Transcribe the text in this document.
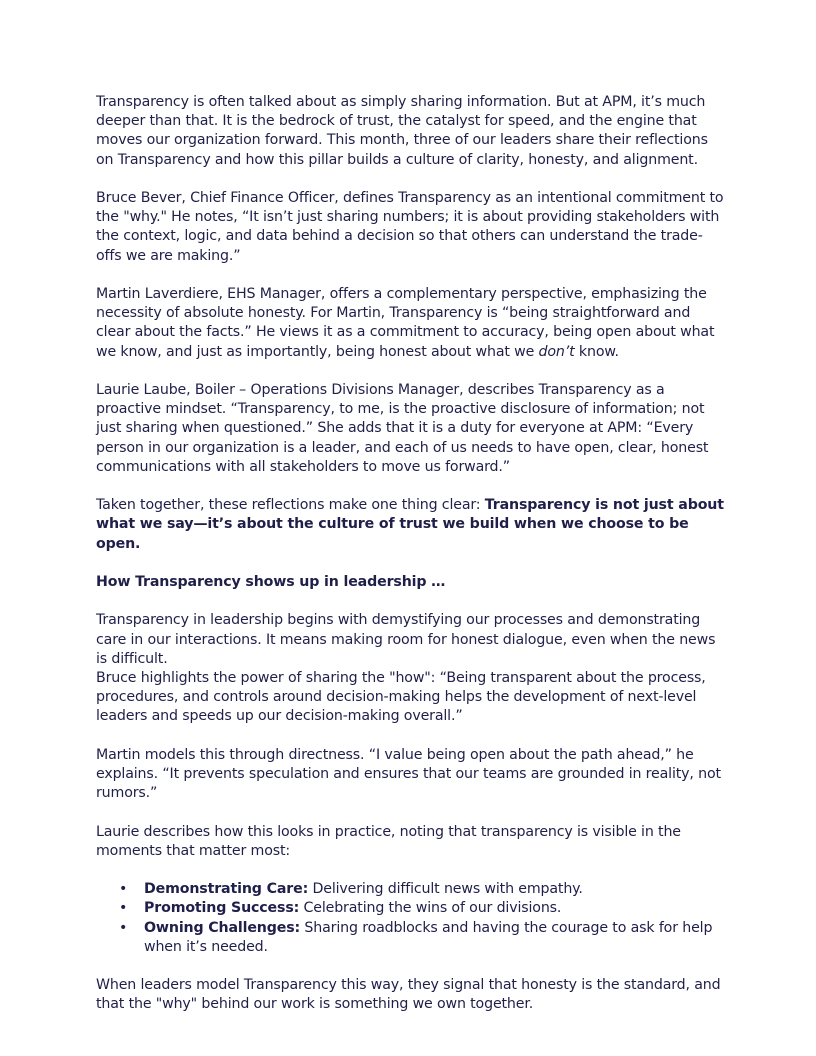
Transparency is often talked about as simply sharing information. But at APM, it’s much deeper than that. It is the bedrock of trust, the catalyst for speed, and the engine that moves our organization forward. This month, three of our leaders share their reflections on Transparency and how this pillar builds a culture of clarity, honesty, and alignment.

Bruce Bever, Chief Finance Officer, defines Transparency as an intentional commitment to the "why." He notes, “It isn’t just sharing numbers; it is about providing stakeholders with the context, logic, and data behind a decision so that others can understand the trade-offs we are making.”

Martin Laverdiere, EHS Manager, offers a complementary perspective, emphasizing the necessity of absolute honesty. For Martin, Transparency is “being straightforward and clear about the facts.” He views it as a commitment to accuracy, being open about what we know, and just as importantly, being honest about what we don’t know.

Laurie Laube, Boiler – Operations Divisions Manager, describes Transparency as a proactive mindset. “Transparency, to me, is the proactive disclosure of information; not just sharing when questioned.” She adds that it is a duty for everyone at APM: “Every person in our organization is a leader, and each of us needs to have open, clear, honest communications with all stakeholders to move us forward.”

Taken together, these reflections make one thing clear: Transparency is not just about what we say—it’s about the culture of trust we build when we choose to be open.

How Transparency shows up in leadership …

Transparency in leadership begins with demystifying our processes and demonstrating care in our interactions. It means making room for honest dialogue, even when the news is difficult.

Bruce highlights the power of sharing the "how": “Being transparent about the process, procedures, and controls around decision-making helps the development of next-level leaders and speeds up our decision-making overall.”

Martin models this through directness. “I value being open about the path ahead,” he explains. “It prevents speculation and ensures that our teams are grounded in reality, not rumors.”

Laurie describes how this looks in practice, noting that transparency is visible in the moments that matter most:

• Demonstrating Care: Delivering difficult news with empathy.
• Promoting Success: Celebrating the wins of our divisions.
• Owning Challenges: Sharing roadblocks and having the courage to ask for help when it’s needed.

When leaders model Transparency this way, they signal that honesty is the standard, and that the "why" behind our work is something we own together.
